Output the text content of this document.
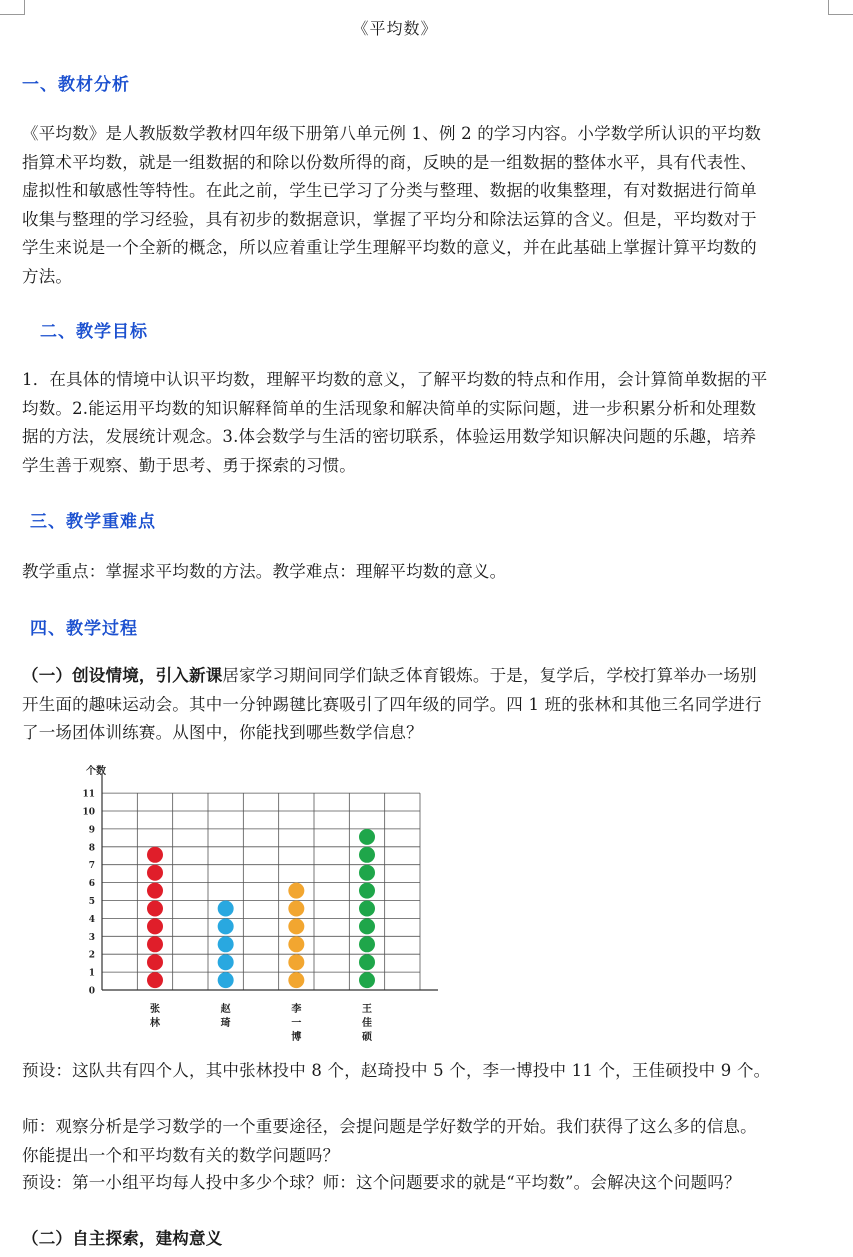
《平均数》
一、教材分析

《平均数》是人教版数学教材四年级下册第八单元例 1、例 2 的学习内容。小学数学所认识的平均数指算术平均数，就是一组数据的和除以份数所得的商，反映的是一组数据的整体水平，具有代表性、虚拟性和敏感性等特性。在此之前，学生已学习了分类与整理、数据的收集整理，有对数据进行简单收集与整理的学习经验，具有初步的数据意识，掌握了平均分和除法运算的含义。但是，平均数对于学生来说是一个全新的概念，所以应着重让学生理解平均数的意义，并在此基础上掌握计算平均数的方法。

二、教学目标

1．在具体的情境中认识平均数，理解平均数的意义，了解平均数的特点和作用，会计算简单数据的平均数。2.能运用平均数的知识解释简单的生活现象和解决简单的实际问题，进一步积累分析和处理数据的方法，发展统计观念。3.体会数学与生活的密切联系，体验运用数学知识解决问题的乐趣，培养学生善于观察、勤于思考、勇于探索的习惯。

三、教学重难点

教学重点：掌握求平均数的方法。教学难点：理解平均数的意义。

四、教学过程

（一）创设情境，引入新课居家学习期间同学们缺乏体育锻炼。于是，复学后，学校打算举办一场别开生面的趣味运动会。其中一分钟踢毽比赛吸引了四年级的同学。四 1 班的张林和其他三名同学进行了一场团体训练赛。从图中，你能找到哪些数学信息？

个数
0
1
2
3
4
5
6
7
8
9
10
11
张
林
赵
琦
李
一
博
王
佳
硕

预设：这队共有四个人，其中张林投中 8 个，赵琦投中 5 个，李一博投中 11 个，王佳硕投中 9 个。

师：观察分析是学习数学的一个重要途径，会提问题是学好数学的开始。我们获得了这么多的信息。你能提出一个和平均数有关的数学问题吗？

预设：第一小组平均每人投中多少个球？师：这个问题要求的就是“平均数”。会解决这个问题吗？

（二）自主探索，建构意义
